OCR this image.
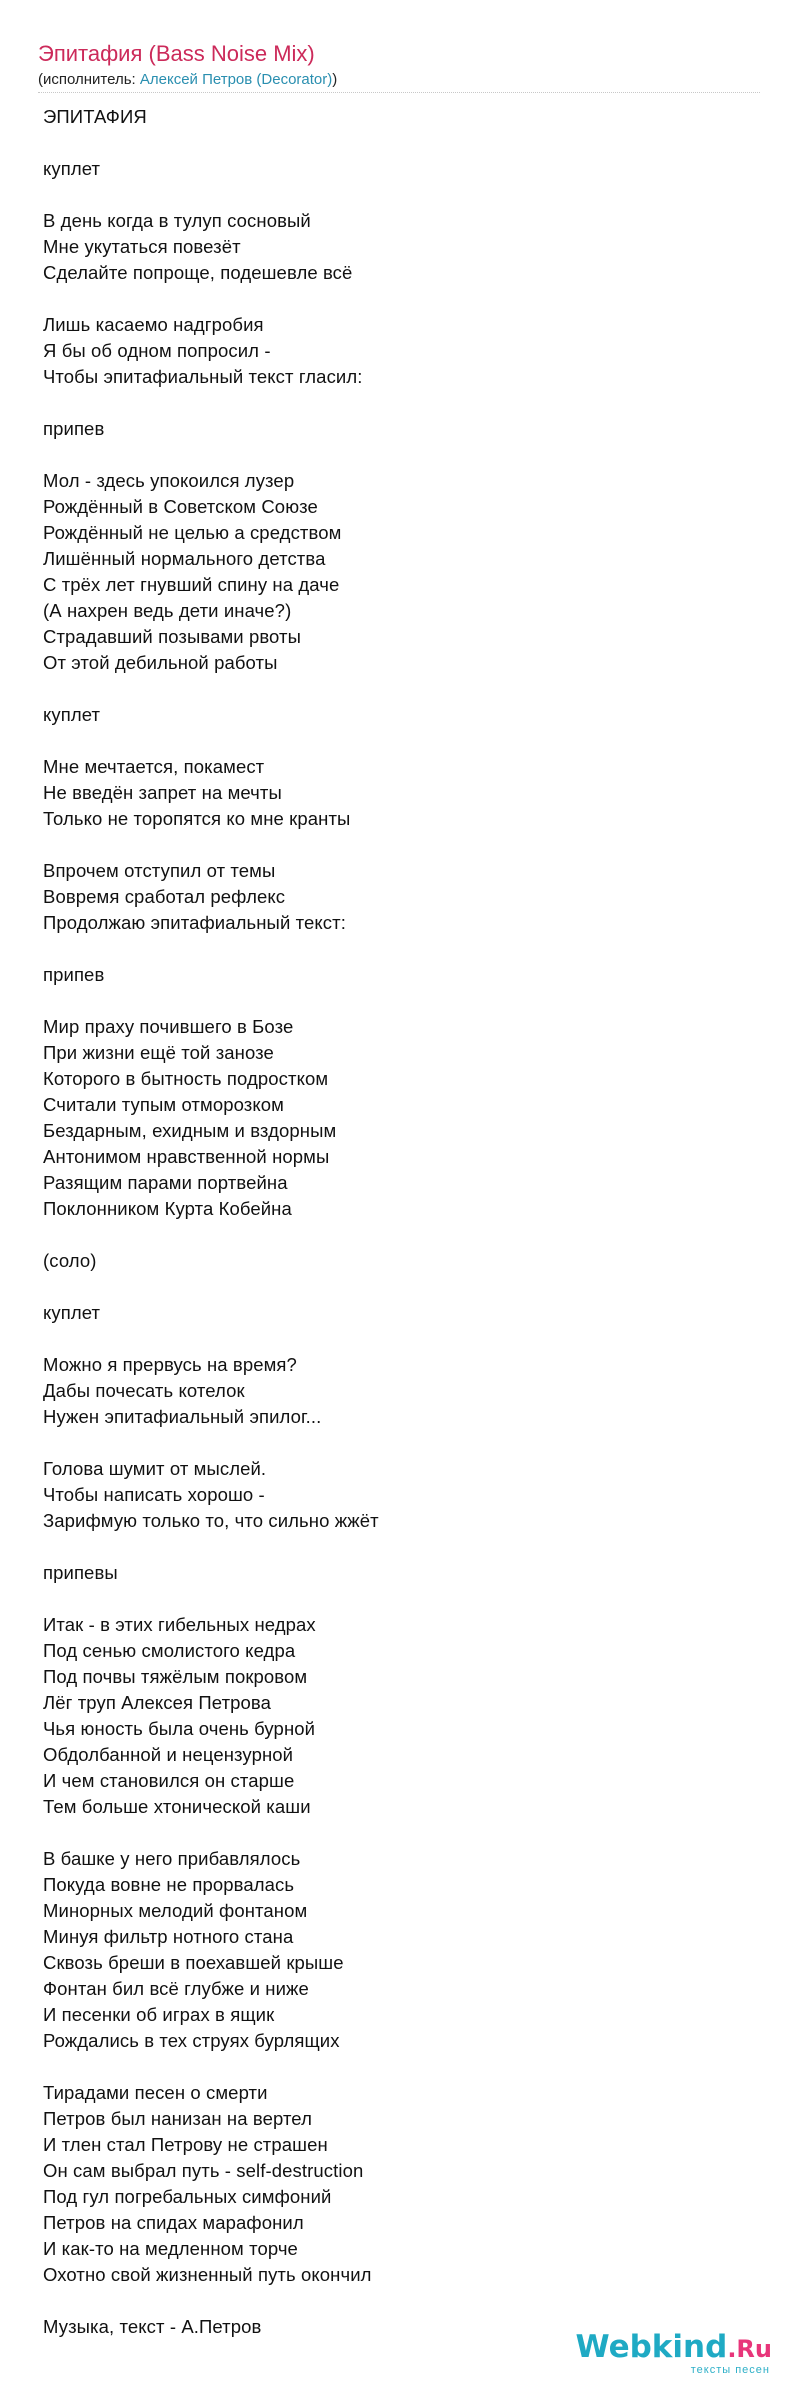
Эпитафия (Bass Noise Mix)
(исполнитель: Алексей Петров (Decorator))
ЭПИТАФИЯ
куплет
В день когда в тулуп сосновый
Мне укутаться повезёт
Сделайте попроще, подешевле всё
Лишь касаемо надгробия
Я бы об одном попросил -
Чтобы эпитафиальный текст гласил:
припев
Мол - здесь упокоился лузер
Рождённый в Советском Союзе
Рождённый не целью а средством
Лишённый нормального детства
С трёх лет гнувший спину на даче
(А нахрен ведь дети иначе?)
Страдавший позывами рвоты
От этой дебильной работы
куплет
Мне мечтается, покамест
Не введён запрет на мечты
Только не торопятся ко мне кранты
Впрочем отступил от темы
Вовремя сработал рефлекс
Продолжаю эпитафиальный текст:
припев
Мир праху почившего в Бозе
При жизни ещё той занозе
Которого в бытность подростком
Считали тупым отморозком
Бездарным, ехидным и вздорным
Антонимом нравственной нормы
Разящим парами портвейна
Поклонником Курта Кобейна
(соло)
куплет
Можно я прервусь на время?
Дабы почесать котелок
Нужен эпитафиальный эпилог...
Голова шумит от мыслей.
Чтобы написать хорошо -
Зарифмую только то, что сильно жжёт
припевы
Итак - в этих гибельных недрах
Под сенью смолистого кедра
Под почвы тяжёлым покровом
Лёг труп Алексея Петрова
Чья юность была очень бурной
Обдолбанной и нецензурной
И чем становился он старше
Тем больше хтонической каши
В башке у него прибавлялось
Покуда вовне не прорвалась
Минорных мелодий фонтаном
Минуя фильтр нотного стана
Сквозь бреши в поехавшей крыше
Фонтан бил всё глубже и ниже
И песенки об играх в ящик
Рождались в тех струях бурлящих
Тирадами песен о смерти
Петров был нанизан на вертел
И тлен стал Петрову не страшен
Он сам выбрал путь - self-destruction
Под гул погребальных симфоний
Петров на спидах марафонил
И как-то на медленном торче
Охотно свой жизненный путь окончил
Музыка, текст - А.Петров
Webkind.Ru
тексты песен
